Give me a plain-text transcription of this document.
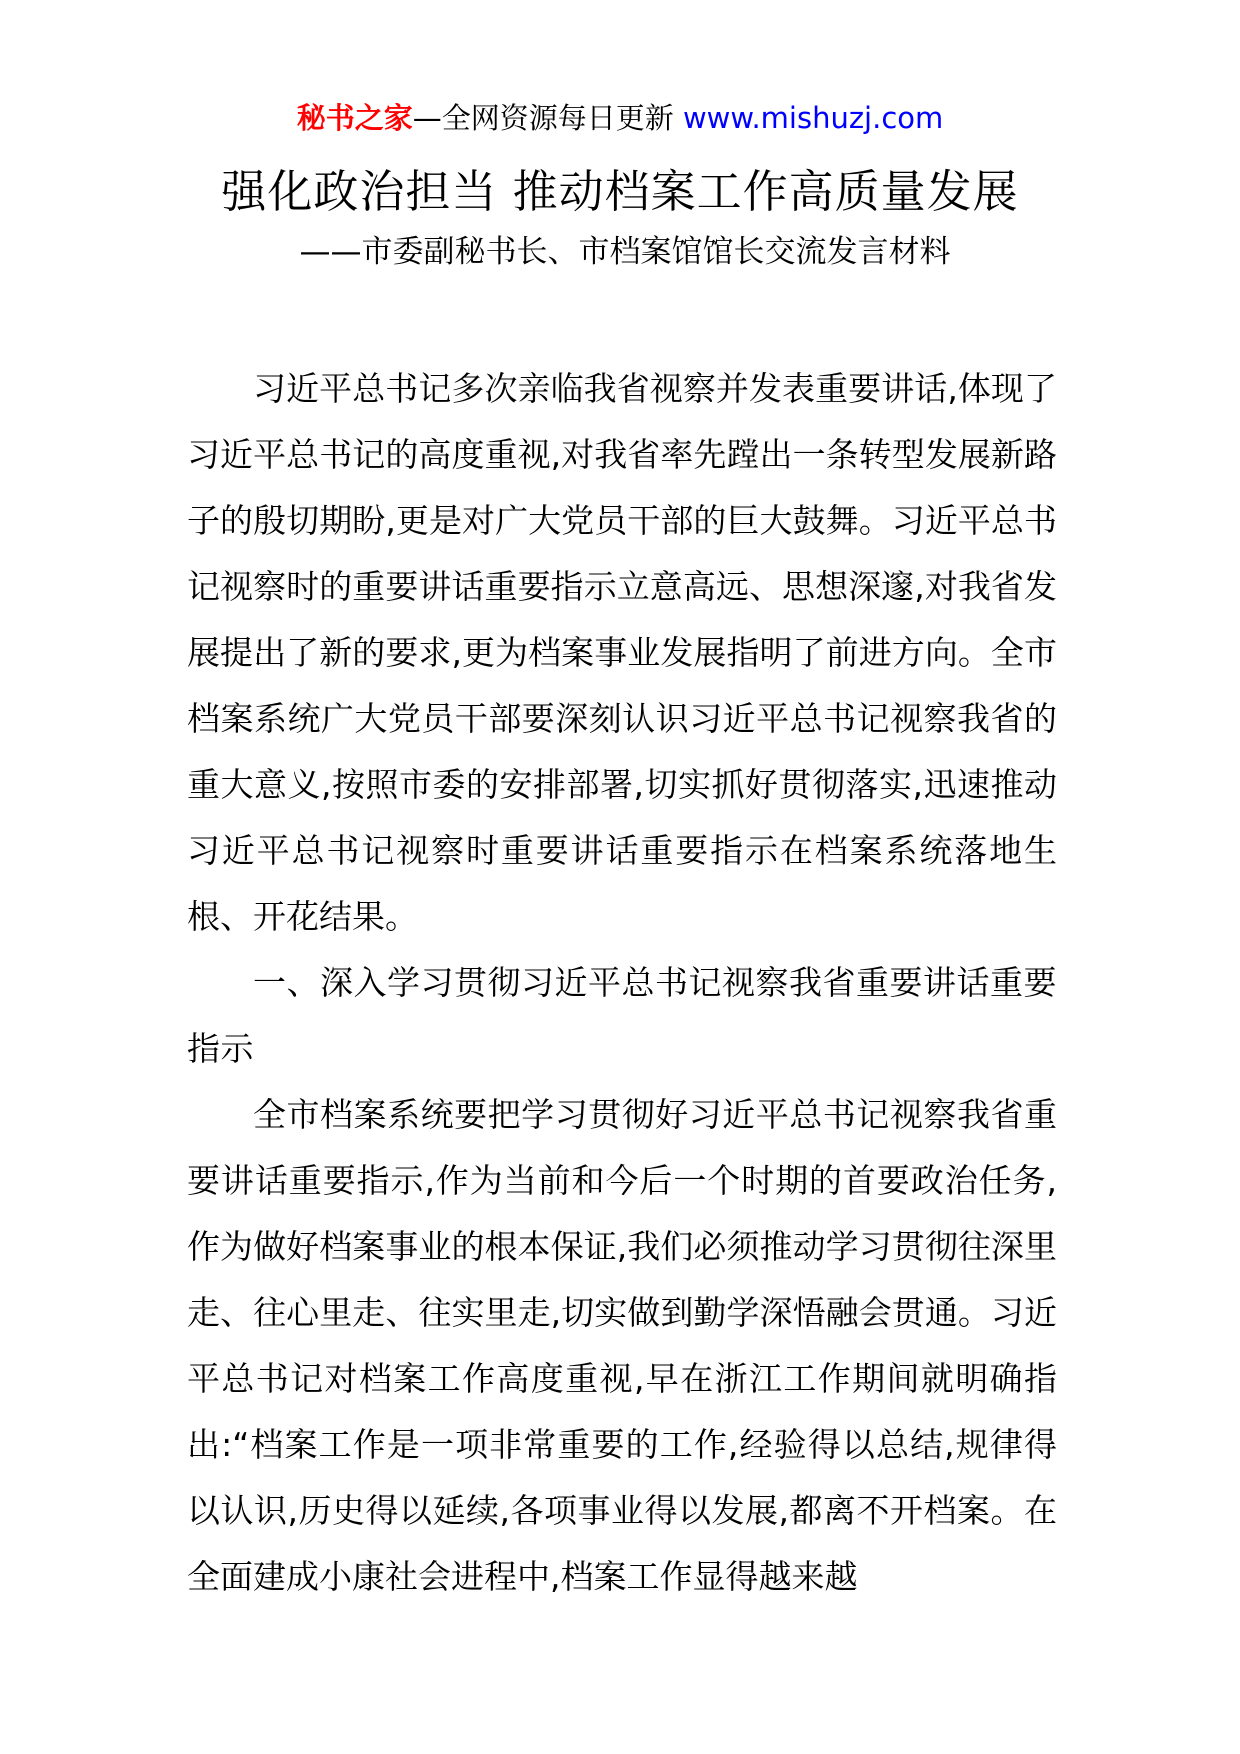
秘书之家—全网资源每日更新 www.mishuzj.com
强化政治担当 推动档案工作高质量发展
——市委副秘书长、市档案馆馆长交流发言材料

习近平总书记多次亲临我省视察并发表重要讲话,体现了习近平总书记的高度重视,对我省率先蹚出一条转型发展新路子的殷切期盼,更是对广大党员干部的巨大鼓舞。习近平总书记视察时的重要讲话重要指示立意高远、思想深邃,对我省发展提出了新的要求,更为档案事业发展指明了前进方向。全市档案系统广大党员干部要深刻认识习近平总书记视察我省的重大意义,按照市委的安排部署,切实抓好贯彻落实,迅速推动习近平总书记视察时重要讲话重要指示在档案系统落地生根、开花结果。

一、深入学习贯彻习近平总书记视察我省重要讲话重要指示

全市档案系统要把学习贯彻好习近平总书记视察我省重要讲话重要指示,作为当前和今后一个时期的首要政治任务,作为做好档案事业的根本保证,我们必须推动学习贯彻往深里走、往心里走、往实里走,切实做到勤学深悟融会贯通。习近平总书记对档案工作高度重视,早在浙江工作期间就明确指出:“档案工作是一项非常重要的工作,经验得以总结,规律得以认识,历史得以延续,各项事业得以发展,都离不开档案。在全面建成小康社会进程中,档案工作显得越来越
